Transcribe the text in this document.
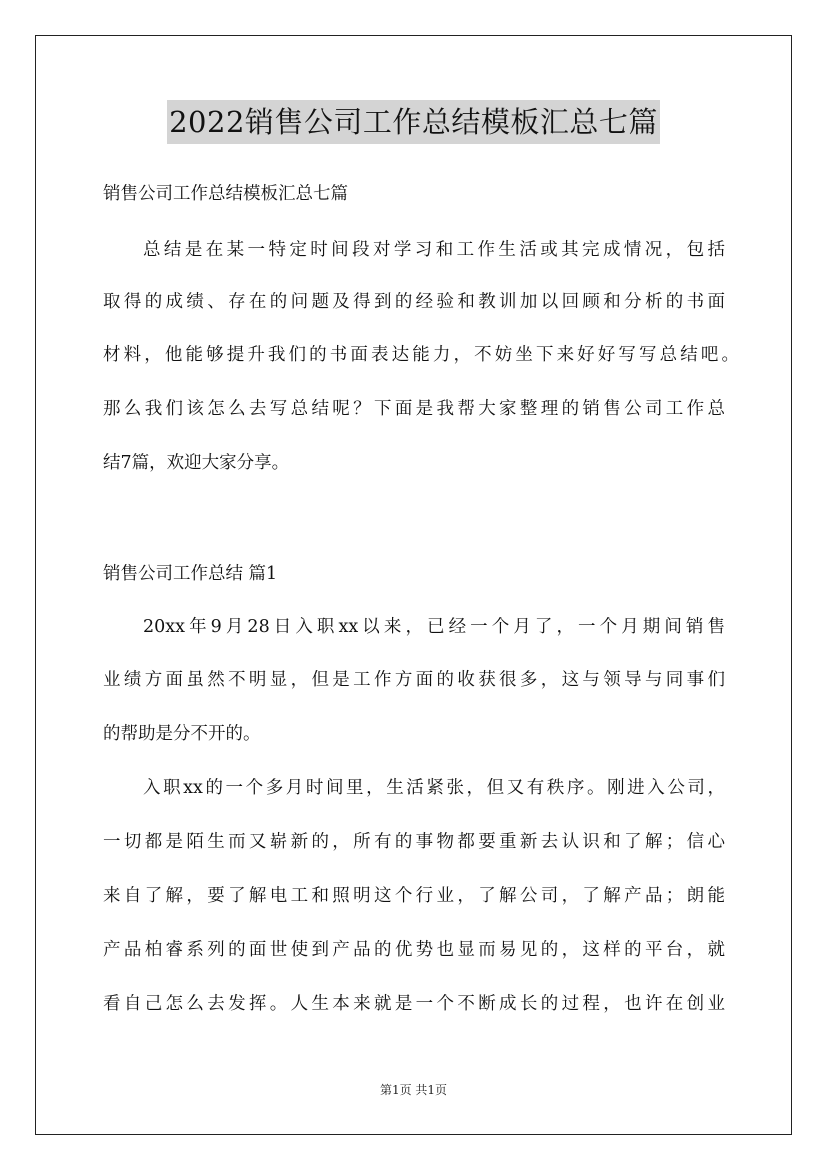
2022销售公司工作总结模板汇总七篇
销售公司工作总结模板汇总七篇
总结是在某一特定时间段对学习和工作生活或其完成情况，包括
取得的成绩、存在的问题及得到的经验和教训加以回顾和分析的书面
材料，他能够提升我们的书面表达能力，不妨坐下来好好写写总结吧。
那么我们该怎么去写总结呢？下面是我帮大家整理的销售公司工作总
结7篇，欢迎大家分享。
销售公司工作总结 篇1
20xx年9月28日入职xx以来，已经一个月了，一个月期间销售
业绩方面虽然不明显，但是工作方面的收获很多，这与领导与同事们
的帮助是分不开的。
入职xx的一个多月时间里，生活紧张，但又有秩序。刚进入公司，
一切都是陌生而又崭新的，所有的事物都要重新去认识和了解；信心
来自了解，要了解电工和照明这个行业，了解公司，了解产品；朗能
产品柏睿系列的面世使到产品的优势也显而易见的，这样的平台，就
看自己怎么去发挥。人生本来就是一个不断成长的过程，也许在创业
第1页 共1页
